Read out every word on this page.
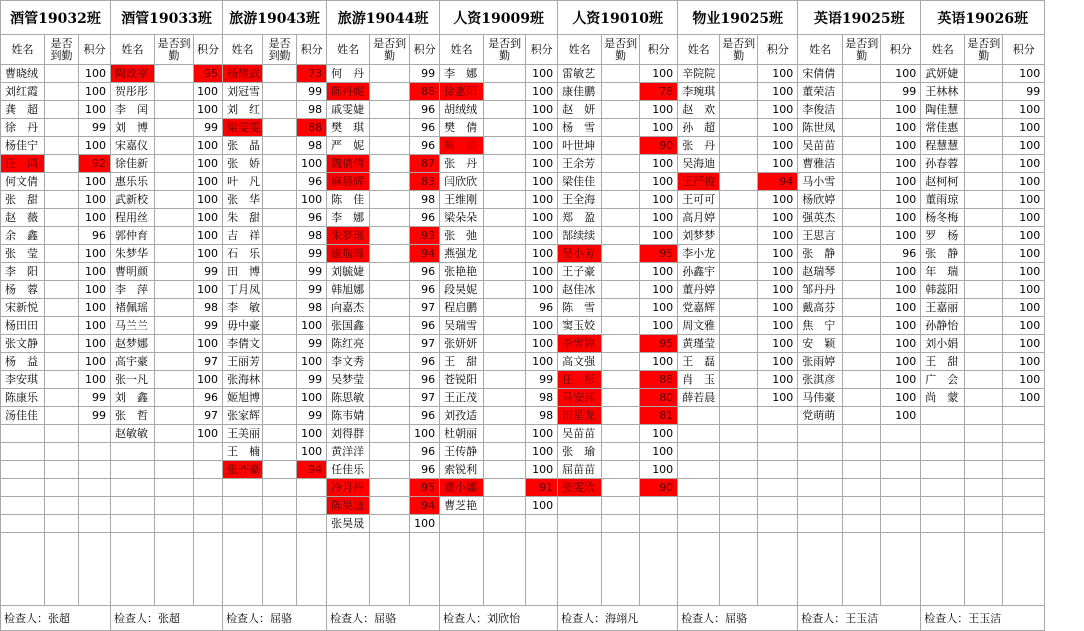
酒管19032班			酒管19033班			旅游19043班			旅游19044班			人资19009班			人资19010班			物业19025班			英语19025班			英语19026班		
姓名	是否到勤	积分	姓名	是否到勤	积分	姓名	是否到勤	积分	姓名	是否到勤	积分	姓名	是否到勤	积分	姓名	是否到勤	积分	姓名	是否到勤	积分	姓名	是否到勤	积分	姓名	是否到勤	积分
曹晓绒		100	陶政宰		95	杨耀武		73	何　丹		99	李　娜		100	雷敏艺		100	辛院院		100	宋倩倩		100	武妍婕		100
刘红霞		100	贺彤彤		100	刘冠雪		99	陈丹妮		88	徐惠阳		100	康佳鹏		78	李琬琪		100	董荣洁		99	王林林		99
龚　超		100	李　闰		100	刘　红		98	戚雯婕		96	胡绒绒		100	赵　妍		100	赵　欢		100	李俊洁		100	陶佳慧		100
徐　丹		99	刘　博		99	梁雯雯		88	樊　琪		96	樊　倩		100	杨　雪		100	孙　超		100	陈世凤		100	常佳惠		100
杨佳宁		100	宋嘉仪		100	张　晶		98	严　妮		96	周　帅		100	叶世坤		90	张　丹		100	吴苗苗		100	程慧慧		100
任　鸿		92	徐佳新		100	张　娇		100	魏倩倩		87	张　丹		100	王余芳		100	吴海迪		100	曹雅洁		100	孙春蓉		100
何文倩		100	惠乐乐		100	叶　凡		96	麻晨辉		83	闫欣欣		100	梁佳佳		100	王严俊		94	马小雪		100	赵柯柯		100
张　甜		100	武新校		100	张　华		100	陈　佳		98	王维刚		100	王全海		100	王可可		100	杨欣婷		100	董雨琼		100
赵　薇		100	程用丝		100	朱　甜		96	李　娜		96	梁朵朵		100	郑　盈		100	高月婷		100	强英杰		100	杨冬梅		100
余　鑫		96	郭仲育		100	吉　祥		98	朱梦瑶		93	张　弛		100	郜续续		100	刘梦梦		100	王思言		100	罗　杨		100
张　莹		100	朱梦华		100	石　乐		99	康瑞瑶		94	燕强龙		100	吴小芳		95	李小龙		100	张　静		96	张　静		100
李　阳		100	曹明颜		99	田　博		99	刘毓婕		96	张艳艳		100	王子豪		100	孙鑫宇		100	赵瑞琴		100	年　瑞		100
杨　蓉		100	李　萍		100	丁月凤		99	韩旭娜		96	段昊妮		100	赵佳冰		100	董丹婷		100	邹丹丹		100	韩蕊阳		100
宋新悦		100	褚佩瑶		98	李　敏		98	向嘉杰		97	程启鹏		96	陈　雪		100	党嘉辉		100	戴高芬		100	王嘉丽		100
杨田田		100	马兰兰		99	毋中豪		100	张国鑫		96	吴瑞雪		100	窦玉姣		100	周文雅		100	焦　宁		100	孙静怡		100
张文静		100	赵梦娜		100	李倩文		99	陈红亮		97	张妍妍		100	李雪婷		95	黄瑾莹		100	安　颖		100	刘小娟		100
杨　益		100	高宇豪		97	王丽芳		100	李文秀		96	王　甜		100	高文强		100	王　磊		100	张雨婷		100	王　甜		100
李安琪		100	张一凡		100	张海林		99	吴梦莹		96	苍锐阳		99	任　彤		88	肖　玉		100	张淇彦		100	广　会		100
陈康乐		99	刘　鑫		96	姬旭博		100	陈思敏		97	王正茂		98	马安邦		80	薛若晨		100	马伟豪		100	尚　蒙		100
汤佳佳		99	张　哲		97	张家辉		99	陈韦婧		96	刘孜适		98	田星龙		81				党萌萌		100			
			赵敏敏		100	王美丽		100	刘得群		100	杜朝丽		100	吴苗苗		100									
						王　楠		100	黄洋洋		96	王传静		100	张　瑜		100									
						张齐豪		94	任佳乐		96	索锐利		100	屈苗苗		100									
									冷月丹		95	董小娜		91	张雯欣		90									
									陈昊迪		94	曹芝艳		100												
									张昊晟		100															

检查人：张超			检查人：张超			检查人：屈骆			检查人：屈骆			检查人：刘欣怡			检查人：海翊凡			检查人：屈骆			检查人：王玉洁			检查人：王玉洁		
